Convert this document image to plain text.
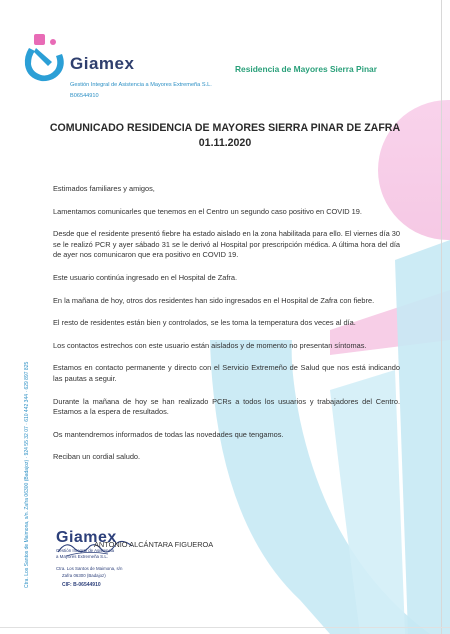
Giamex
Gestión Integral de Asistencia a Mayores Extremeña S.L.
B06544910
Residencia de Mayores Sierra Pinar
COMUNICADO RESIDENCIA DE MAYORES SIERRA PINAR DE ZAFRA
01.11.2020

Estimados familiares y amigos,

Lamentamos comunicarles que tenemos en el Centro un segundo caso positivo en COVID 19.

Desde que el residente presentó fiebre ha estado aislado en la zona habilitada para ello. El viernes día 30 se le realizó PCR y ayer sábado 31 se le derivó al Hospital por prescripción médica. A última hora del día de ayer nos comunicaron que era positivo en COVID 19.

Este usuario continúa ingresado en el Hospital de Zafra.

En la mañana de hoy, otros dos residentes han sido ingresados en el Hospital de Zafra con fiebre.

El resto de residentes están bien y controlados, se les toma la temperatura dos veces al día.

Los contactos estrechos con este usuario están aislados y de momento no presentan síntomas.

Estamos en contacto permanente y directo con el Servicio Extremeño de Salud que nos está indicando las pautas a seguir.

Durante la mañana de hoy se han realizado PCRs a todos los usuarios y trabajadores del Centro. Estamos a la espera de resultados.

Os mantendremos informados de todas las novedades que tengamos.

Reciban un cordial saludo.

Ctra. Los Santos de Maimona, s/n. Zafra 06300 (Badajoz) · 924 55 32 07 · 610 442 344 · 629 897 825 Giamex
Gestión Integral de Asistencia
a Mayores Extremeña S.L.
Ctra. Los Santos de Maimona, s/n
Zafra 06300 (Badajoz)
CIF: B-06544910
ANTONIO ALCÁNTARA FIGUEROA
